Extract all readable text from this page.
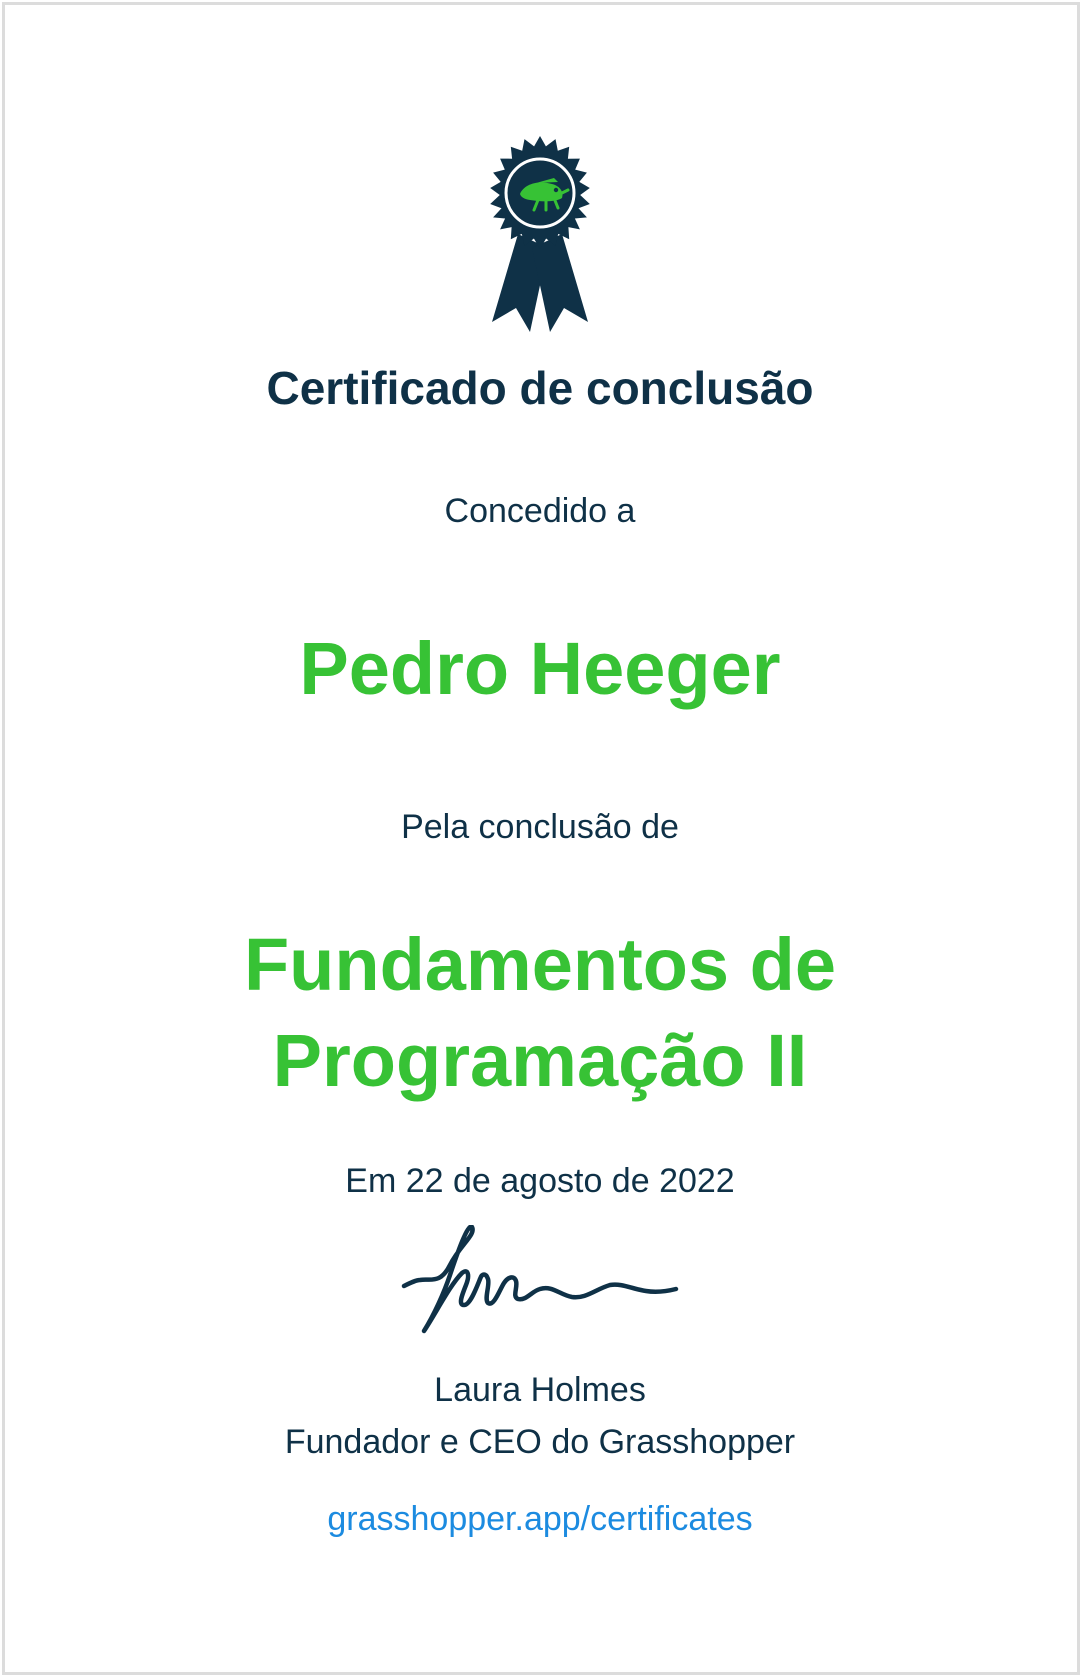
Certificado de conclusão
Concedido a
Pedro Heeger
Pela conclusão de
Fundamentos de
Programação II
Em 22 de agosto de 2022
Laura Holmes
Fundador e CEO do Grasshopper
grasshopper.app/certificates
